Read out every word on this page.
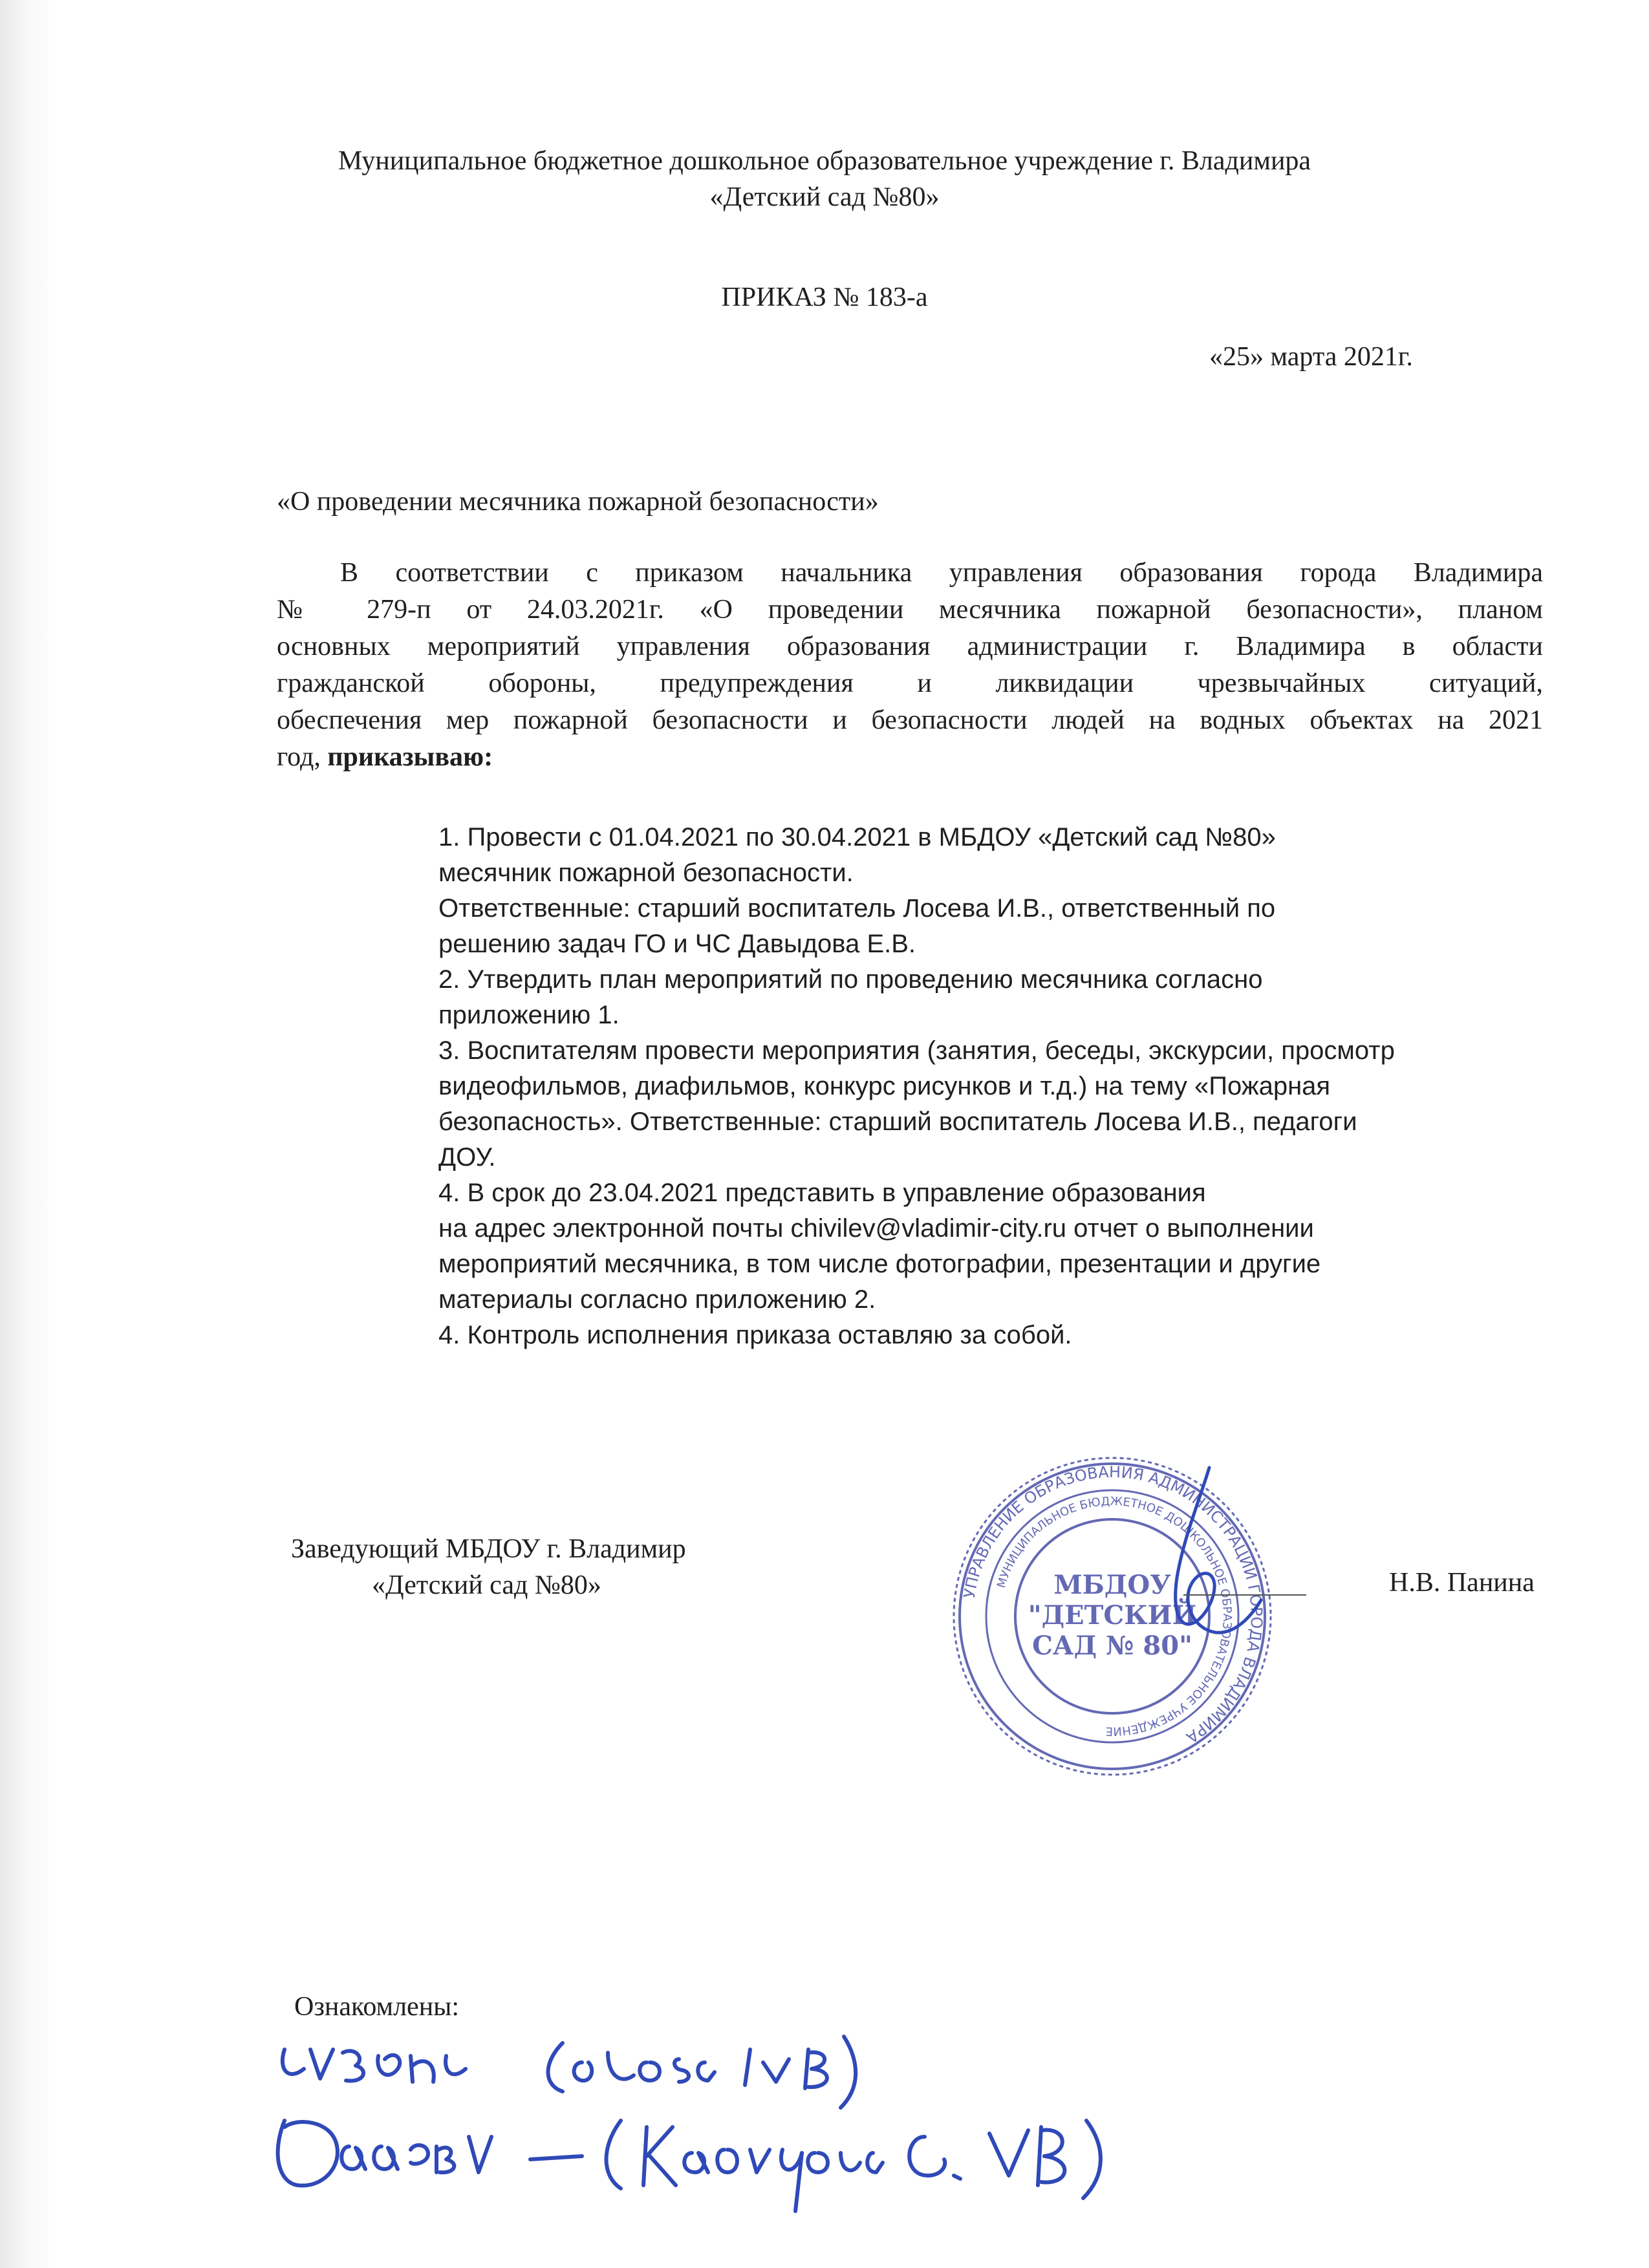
Муниципальное бюджетное дошкольное образовательное учреждение г. Владимира
«Детский сад №80»
ПРИКАЗ № 183-а
«25» марта 2021г.
«О проведении месячника пожарной безопасности»
В соответствии с приказом начальника управления образования города Владимира
№ 279-п от 24.03.2021г. «О проведении месячника пожарной безопасности», планом
основных мероприятий управления образования администрации г. Владимира в области
гражданской обороны, предупреждения и ликвидации чрезвычайных ситуаций,
обеспечения мер пожарной безопасности и безопасности людей на водных объектах на 2021
год, приказываю:
1. Провести с 01.04.2021 по 30.04.2021 в МБДОУ «Детский сад №80»
месячник пожарной безопасности.
Ответственные: старший воспитатель Лосева И.В., ответственный по
решению задач ГО и ЧС Давыдова Е.В.
2. Утвердить план мероприятий по проведению месячника согласно
приложению 1.
3. Воспитателям провести мероприятия (занятия, беседы, экскурсии, просмотр
видеофильмов, диафильмов, конкурс рисунков и т.д.) на тему «Пожарная
безопасность». Ответственные: старший воспитатель Лосева И.В., педагоги
ДОУ.
4. В срок до 23.04.2021 представить в управление образования
на адрес электронной почты chivilev@vladimir-city.ru отчет о выполнении
мероприятий месячника, в том числе фотографии, презентации и другие
материалы согласно приложению 2.
4. Контроль исполнения приказа оставляю за собой.
Заведующий МБДОУ г. Владимир
«Детский сад №80»	УПРАВЛЕНИЕ ОБРАЗОВАНИЯ АДМИНИСТРАЦИИ ГОРОДА ВЛАДИМИРА
МУНИЦИПАЛЬНОЕ БЮДЖЕТНОЕ ДОШКОЛЬНОЕ ОБРАЗОВАТЕЛЬНОЕ УЧРЕЖДЕНИЕ
МБДОУ
"ДЕТСКИЙ
САД № 80"
Н.В. Панина
Ознакомлены:
